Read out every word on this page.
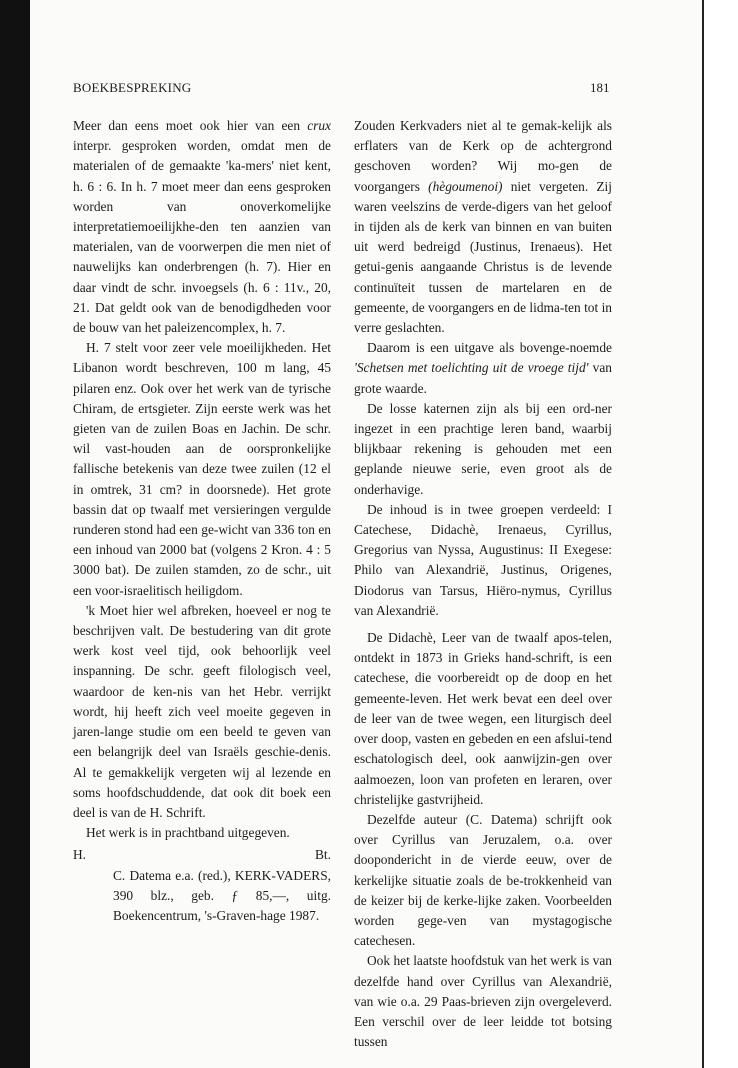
BOEKBESPREKING	181

Meer dan eens moet ook hier van een crux interpr. gesproken worden, omdat men de materialen of de gemaakte 'ka-mers' niet kent, h. 6 : 6. In h. 7 moet meer dan eens gesproken worden van onoverkomelijke interpretatiemoeilijkhe-den ten aanzien van materialen, van de voorwerpen die men niet of nauwelijks kan onderbrengen (h. 7). Hier en daar vindt de schr. invoegsels (h. 6 : 11v., 20, 21. Dat geldt ook van de benodigdheden voor de bouw van het paleizencomplex, h. 7.

H. 7 stelt voor zeer vele moeilijkheden. Het Libanon wordt beschreven, 100 m lang, 45 pilaren enz. Ook over het werk van de tyrische Chiram, de ertsgieter. Zijn eerste werk was het gieten van de zuilen Boas en Jachin. De schr. wil vast-houden aan de oorspronkelijke fallische betekenis van deze twee zuilen (12 el in omtrek, 31 cm? in doorsnede). Het grote bassin dat op twaalf met versieringen vergulde runderen stond had een ge-wicht van 336 ton en een inhoud van 2000 bat (volgens 2 Kron. 4 : 5 3000 bat). De zuilen stamden, zo de schr., uit een voor-israelitisch heiligdom.

'k Moet hier wel afbreken, hoeveel er nog te beschrijven valt. De bestudering van dit grote werk kost veel tijd, ook behoorlijk veel inspanning. De schr. geeft filologisch veel, waardoor de ken-nis van het Hebr. verrijkt wordt, hij heeft zich veel moeite gegeven in jaren-lange studie om een beeld te geven van een belangrijk deel van Israëls geschie-denis. Al te gemakkelijk vergeten wij al lezende en soms hoofdschuddende, dat ook dit boek een deel is van de H. Schrift.

Het werk is in prachtband uitgegeven.

H.	Bt.

C. Datema e.a. (red.), KERK-VADERS, 390 blz., geb. ƒ 85,—, uitg. Boekencentrum, 's-Graven-hage 1987.

Zouden Kerkvaders niet al te gemak-kelijk als erflaters van de Kerk op de achtergrond geschoven worden? Wij mo-gen de voorgangers (hègoumenoi) niet vergeten. Zij waren veelszins de verde-digers van het geloof in tijden als de kerk van binnen en van buiten uit werd bedreigd (Justinus, Irenaeus). Het getui-genis aangaande Christus is de levende continuïteit tussen de martelaren en de gemeente, de voorgangers en de lidma-ten tot in verre geslachten.

Daarom is een uitgave als bovenge-noemde 'Schetsen met toelichting uit de vroege tijd' van grote waarde.

De losse katernen zijn als bij een ord-ner ingezet in een prachtige leren band, waarbij blijkbaar rekening is gehouden met een geplande nieuwe serie, even groot als de onderhavige.

De inhoud is in twee groepen verdeeld: I Catechese, Didachè, Irenaeus, Cyrillus, Gregorius van Nyssa, Augustinus: II Exegese: Philo van Alexandrië, Justinus, Origenes, Diodorus van Tarsus, Hiëro-nymus, Cyrillus van Alexandrië.

De Didachè, Leer van de twaalf apos-telen, ontdekt in 1873 in Grieks hand-schrift, is een catechese, die voorbereidt op de doop en het gemeente-leven. Het werk bevat een deel over de leer van de twee wegen, een liturgisch deel over doop, vasten en gebeden en een afslui-tend eschatologisch deel, ook aanwijzin-gen over aalmoezen, loon van profeten en leraren, over christelijke gastvrijheid.

Dezelfde auteur (C. Datema) schrijft ook over Cyrillus van Jeruzalem, o.a. over doopondericht in de vierde eeuw, over de kerkelijke situatie zoals de be-trokkenheid van de keizer bij de kerke-lijke zaken. Voorbeelden worden gege-ven van mystagogische catechesen.

Ook het laatste hoofdstuk van het werk is van dezelfde hand over Cyrillus van Alexandrië, van wie o.a. 29 Paas-brieven zijn overgeleverd. Een verschil over de leer leidde tot botsing tussen
